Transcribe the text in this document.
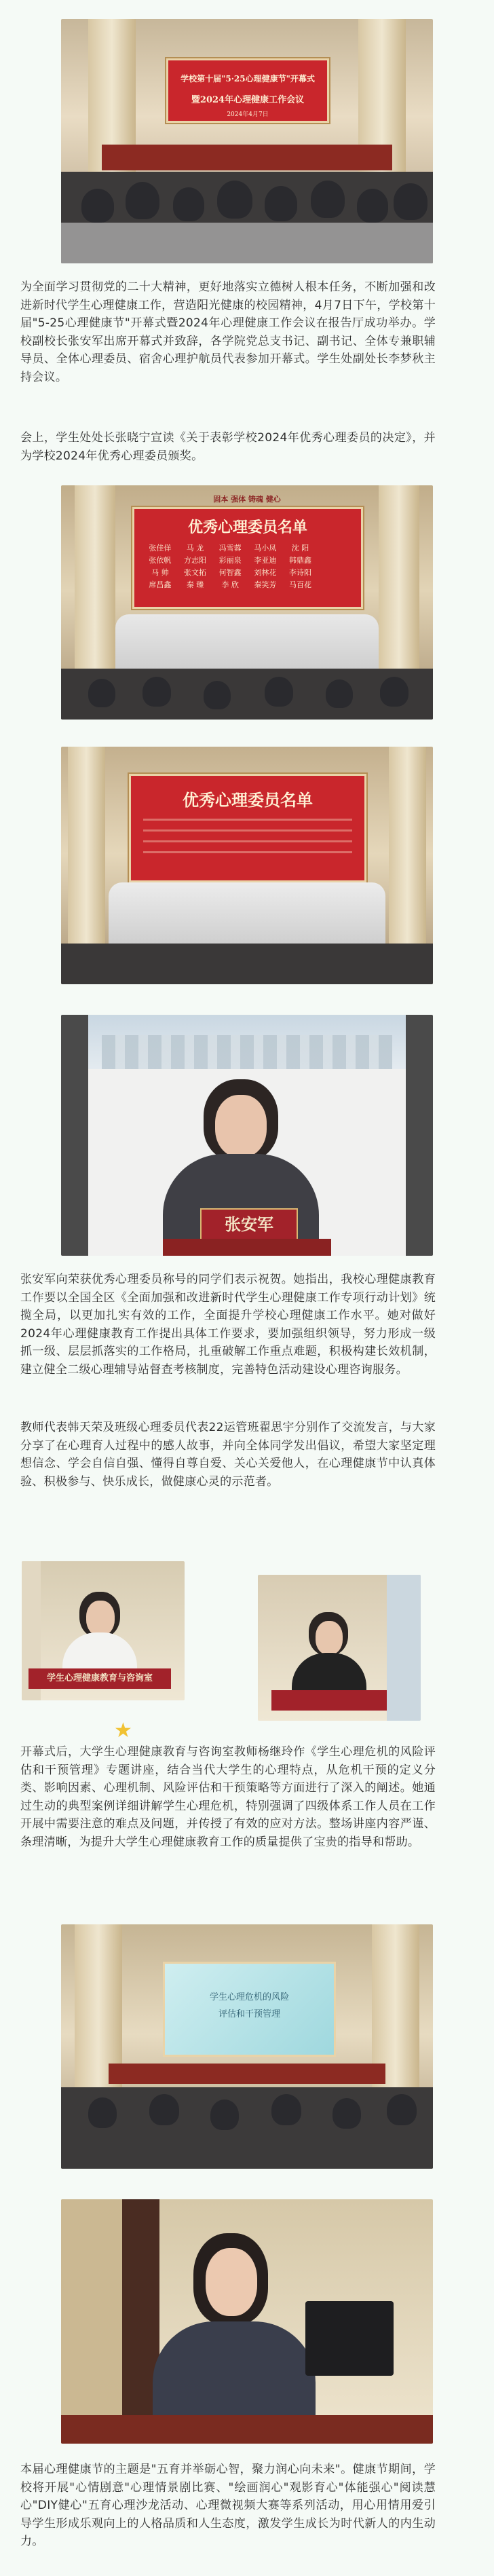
学校第十届"5·25心理健康节"开幕式
暨2024年心理健康工作会议
2024年4月7日

为全面学习贯彻党的二十大精神，更好地落实立德树人根本任务，不断加强和改进新时代学生心理健康工作，营造阳光健康的校园精神，4月7日下午，学校第十届"5-25心理健康节"开幕式暨2024年心理健康工作会议在报告厅成功举办。学校副校长张安军出席开幕式并致辞，各学院党总支书记、副书记、全体专兼职辅导员、全体心理委员、宿舍心理护航员代表参加开幕式。学生处副处长李梦秋主持会议。

会上，学生处处长张晓宁宣读《关于表彰学校2024年优秀心理委员的决定》，并为学校2024年优秀心理委员颁奖。

固本 强体 铸魂 健心
优秀心理委员名单
张佳佯	马 龙	冯雪蓉	马小凤	沈 阳
张依帆	方志阳	彩丽泉	李亚迪	韩鼎鑫
马 帅	张文拓	何智鑫	刘林花	李诗阳
席昌鑫	秦 臻	李 欣	秦笑芳	马百花
优秀心理委员名单
张安军

张安军向荣获优秀心理委员称号的同学们表示祝贺。她指出，我校心理健康教育工作要以全国全区《全面加强和改进新时代学生心理健康工作专项行动计划》统揽全局，以更加扎实有效的工作，全面提升学校心理健康工作水平。她对做好2024年心理健康教育工作提出具体工作要求，要加强组织领导，努力形成一级抓一级、层层抓落实的工作格局，扎重破解工作重点难题，积极构建长效机制，建立健全二级心理辅导站督查考核制度，完善特色活动建设心理咨询服务。

教师代表韩天荣及班级心理委员代表22运管班翟思宇分别作了交流发言，与大家分享了在心理育人过程中的感人故事，并向全体同学发出倡议，希望大家坚定理想信念、学会自信自强、懂得自尊自爱、关心关爱他人，在心理健康节中认真体验、积极参与、快乐成长，做健康心灵的示范者。

学生心理健康教育与咨询室
★

开幕式后，大学生心理健康教育与咨询室教师杨继玲作《学生心理危机的风险评估和干预管理》专题讲座，结合当代大学生的心理特点，从危机干预的定义分类、影响因素、心理机制、风险评估和干预策略等方面进行了深入的阐述。她通过生动的典型案例详细讲解学生心理危机，特别强调了四级体系工作人员在工作开展中需要注意的难点及问题，并传授了有效的应对方法。整场讲座内容严谨、条理清晰，为提升大学生心理健康教育工作的质量提供了宝贵的指导和帮助。

学生心理危机的风险
评估和干预管理

本届心理健康节的主题是"五育并举砺心智，聚力润心向未来"。健康节期间，学校将开展"心情剧意"心理情景剧比赛、"绘画润心"观影育心"体能强心"阅读慧心"DIY健心"五育心理沙龙活动、心理微视频大赛等系列活动，用心用情用爱引导学生形成乐观向上的人格品质和人生态度，激发学生成长为时代新人的内生动力。
